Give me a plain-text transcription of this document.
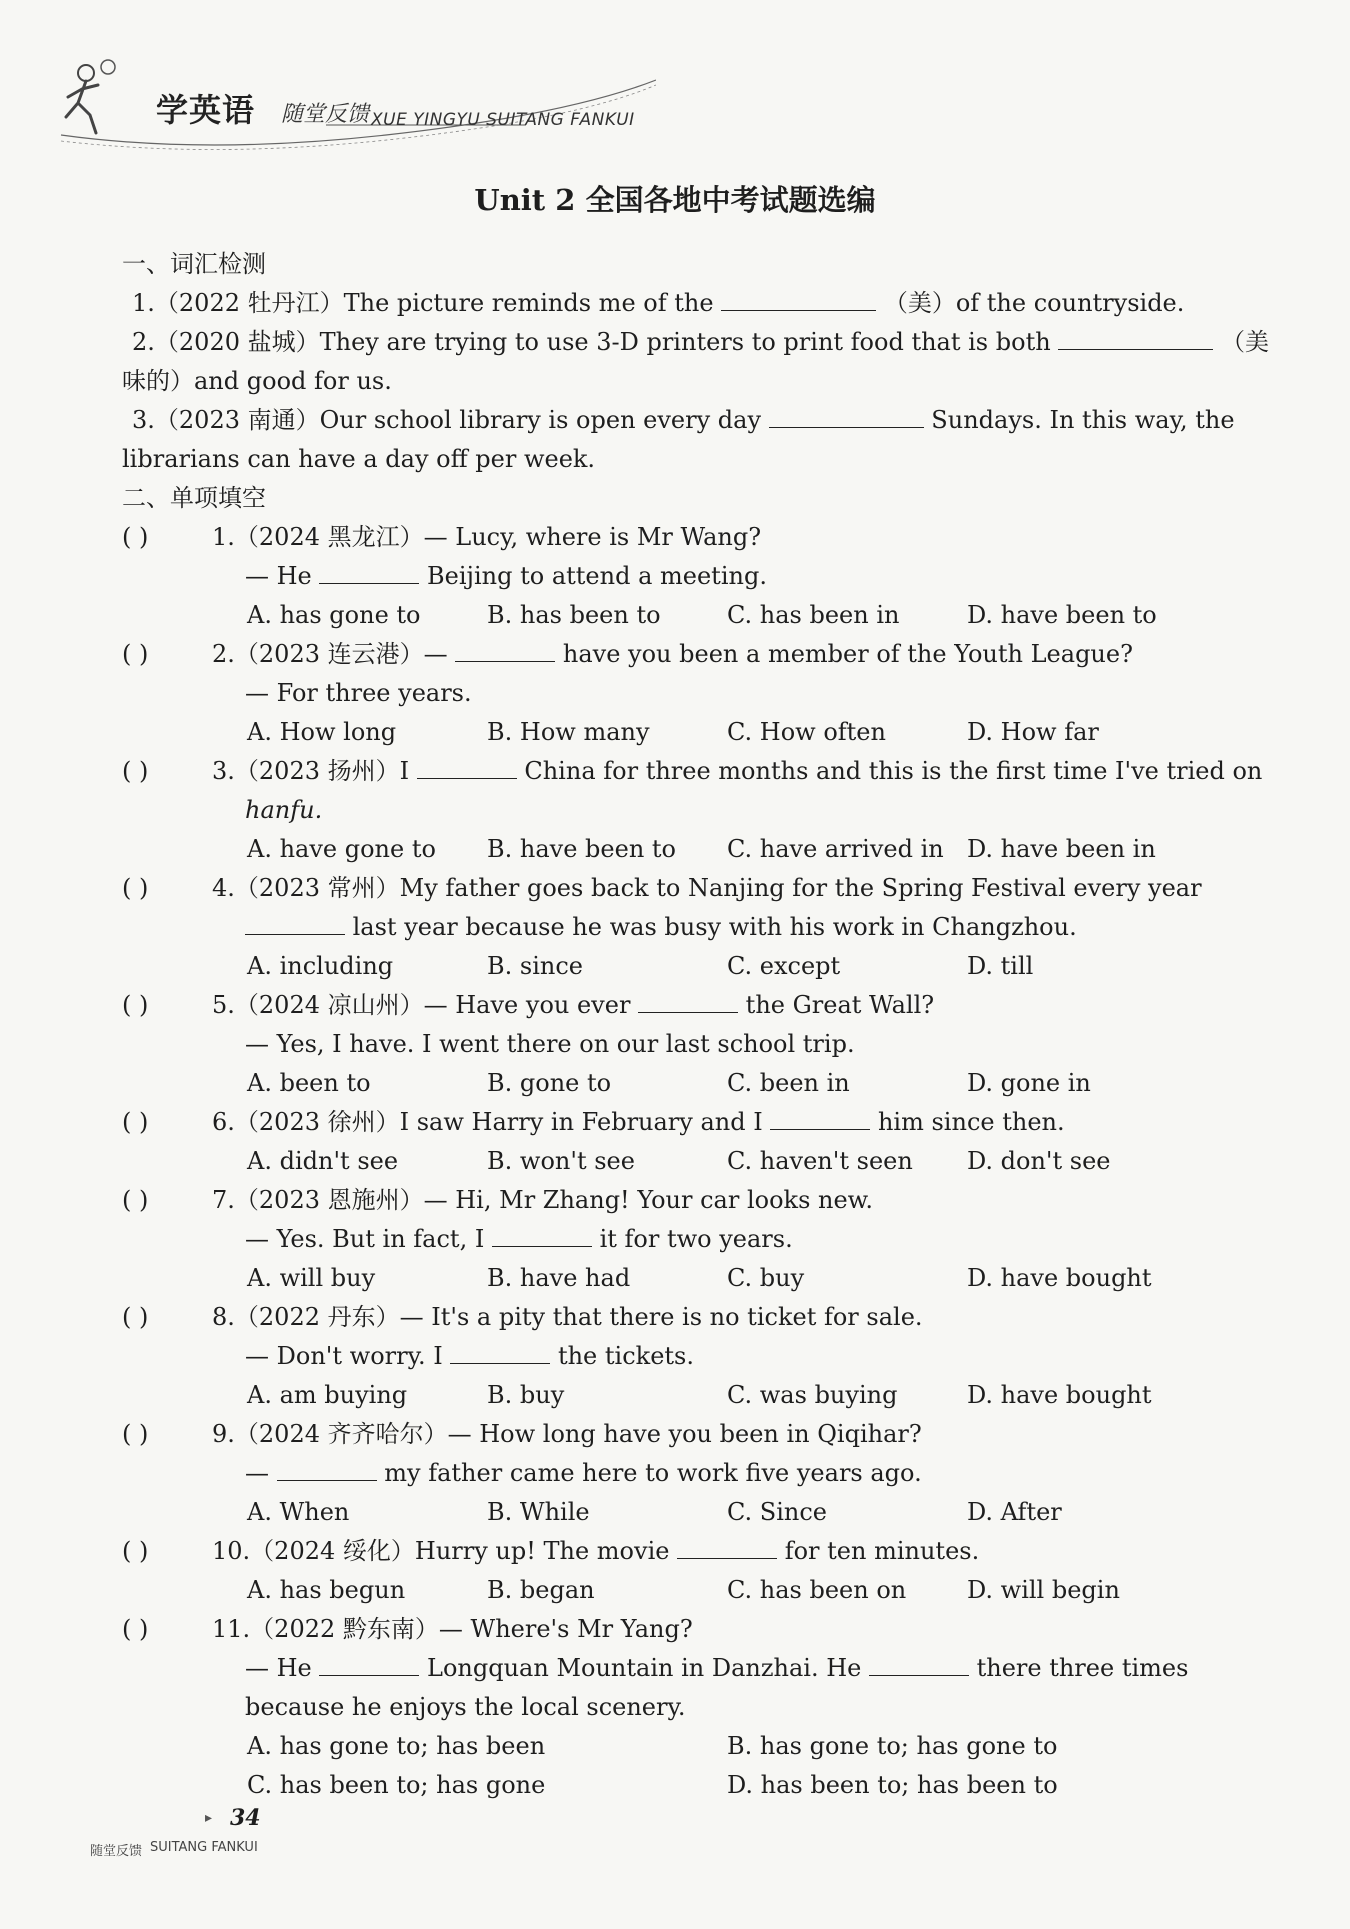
学英语 随堂反馈 XUE YINGYU SUITANG FANKUI
Unit 2 全国各地中考试题选编
一、词汇检测
1.（2022 牡丹江）The picture reminds me of the	（美）of the countryside.
2.（2020 盐城）They are trying to use 3-D printers to print food that is both	（美
味的）and good for us.
3.（2023 南通）Our school library is open every day	Sundays. In this way, the
librarians can have a day off per week.
二、单项填空
( )	1.（2024 黑龙江）— Lucy, where is Mr Wang?
— He	Beijing to attend a meeting.
A. has gone to	B. has been to	C. has been in	D. have been to
( )	2.（2023 连云港）—	have you been a member of the Youth League?
— For three years.
A. How long	B. How many	C. How often	D. How far
( )	3.（2023 扬州）I	China for three months and this is the first time I've tried on
hanfu.
A. have gone to B. have been to C. have arrived in D. have been in
( )	4.（2023 常州）My father goes back to Nanjing for the Spring Festival every year
last year because he was busy with his work in Changzhou.
A. including	B. since	C. except	D. till
( )	5.（2024 凉山州）— Have you ever	the Great Wall?
— Yes, I have. I went there on our last school trip.
A. been to	B. gone to	C. been in	D. gone in
( )	6.（2023 徐州）I saw Harry in February and I	him since then.
A. didn't see	B. won't see	C. haven't seen D. don't see
( )	7.（2023 恩施州）— Hi, Mr Zhang! Your car looks new.
— Yes. But in fact, I	it for two years.
A. will buy	B. have had	C. buy	D. have bought
( )	8.（2022 丹东）— It's a pity that there is no ticket for sale.
— Don't worry. I	the tickets.
A. am buying	B. buy	C. was buying	D. have bought
( )	9.（2024 齐齐哈尔）— How long have you been in Qiqihar?
—	my father came here to work five years ago.
A. When	B. While	C. Since	D. After
( )	10.（2024 绥化）Hurry up! The movie	for ten minutes.
A. has begun	B. began	C. has been on	D. will begin
( )	11.（2022 黔东南）— Where's Mr Yang?
— He	Longquan Mountain in Danzhai. He	there three times
because he enjoys the local scenery.
A. has gone to; has been	B. has gone to; has gone to
C. has been to; has gone	D. has been to; has been to
▸ 34
随堂反馈 SUITANG FANKUI
